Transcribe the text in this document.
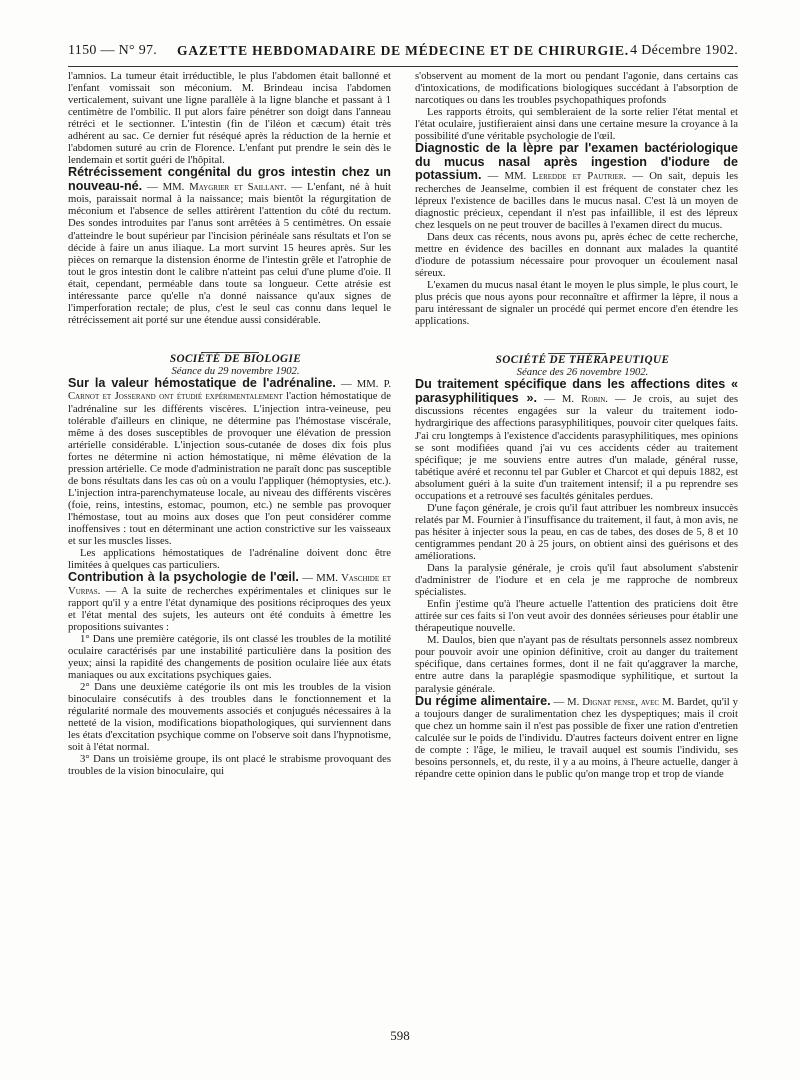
1150 — N° 97.	GAZETTE HEBDOMADAIRE DE MÉDECINE ET DE CHIRURGIE. 4 Décembre 1902.

l'amnios. La tumeur était irréductible, le plus l'abdomen était ballonné et l'enfant vomissait son méconium. M. Brindeau incisa l'abdomen verticalement, suivant une ligne parallèle à la ligne blanche et passant à 1 centimètre de l'ombilic. Il put alors faire pénétrer son doigt dans l'anneau rétréci et le sectionner. L'intestin (fin de l'iléon et cæcum) était très adhérent au sac. Ce dernier fut réséqué après la réduction de la hernie et l'abdomen suturé au crin de Florence. L'enfant put prendre le sein dès le lendemain et sortit guéri de l'hôpital.

Rétrécissement congénital du gros intestin chez un nouveau-né. — MM. Maygrier et Saillant. — L'enfant, né à huit mois, paraissait normal à la naissance; mais bientôt la régurgitation de méconium et l'absence de selles attirèrent l'attention du côté du rectum. Des sondes introduites par l'anus sont arrêtées à 5 centimètres. On essaie d'atteindre le bout supérieur par l'incision périnéale sans résultats et l'on se décide à faire un anus iliaque. La mort survint 15 heures après. Sur les pièces on remarque la distension énorme de l'intestin grêle et l'atrophie de tout le gros intestin dont le calibre n'atteint pas celui d'une plume d'oie. Il était, cependant, perméable dans toute sa longueur. Cette atrésie est intéressante parce qu'elle n'a donné naissance qu'aux signes de l'imperforation rectale; de plus, c'est le seul cas connu dans lequel le rétrécissement ait porté sur une étendue aussi considérable.

SOCIÉTÉ DE BIOLOGIE

Séance du 29 novembre 1902.

Sur la valeur hémostatique de l'adrénaline. — MM. P. Carnot et Josserand ont étudié expérimentalement l'action hémostatique de l'adrénaline sur les différents viscères. L'injection intra-veineuse, peu tolérable d'ailleurs en clinique, ne détermine pas l'hémostase viscérale, même à des doses susceptibles de provoquer une élévation de pression artérielle considérable. L'injection sous-cutanée de doses dix fois plus fortes ne détermine ni action hémostatique, ni même élévation de la pression artérielle. Ce mode d'administration ne paraît donc pas susceptible de bons résultats dans les cas où on a voulu l'appliquer (hémoptysies, etc.). L'injection intra-parenchymateuse locale, au niveau des différents viscères (foie, reins, intestins, estomac, poumon, etc.) ne semble pas provoquer l'hémostase, tout au moins aux doses que l'on peut considérer comme inoffensives : tout en déterminant une action constrictive sur les vaisseaux et sur les muscles lisses.

Les applications hémostatiques de l'adrénaline doivent donc être limitées à quelques cas particuliers.

Contribution à la psychologie de l'œil. — MM. Vaschide et Vurpas. — A la suite de recherches expérimentales et cliniques sur le rapport qu'il y a entre l'état dynamique des positions réciproques des yeux et l'état mental des sujets, les auteurs ont été conduits à émettre les propositions suivantes :

1° Dans une première catégorie, ils ont classé les troubles de la motilité oculaire caractérisés par une instabilité particulière dans la position des yeux; ainsi la rapidité des changements de position oculaire liée aux états maniaques ou aux excitations psychiques gaies.

2° Dans une deuxième catégorie ils ont mis les troubles de la vision binoculaire consécutifs à des troubles dans le fonctionnement et la régularité normale des mouvements associés et conjugués nécessaires à la netteté de la vision, modifications biopathologiques, qui surviennent dans les états d'excitation psychique comme on l'observe soit dans l'hypnotisme, soit à l'état normal.

3° Dans un troisième groupe, ils ont placé le strabisme provoquant des troubles de la vision binoculaire, qui

s'observent au moment de la mort ou pendant l'agonie, dans certains cas d'intoxications, de modifications biologiques succédant à l'absorption de narcotiques ou dans les troubles psychopathiques profonds

Les rapports étroits, qui sembleraient de la sorte relier l'état mental et l'état oculaire, justifieraient ainsi dans une certaine mesure la croyance à la possibilité d'une véritable psychologie de l'œil.

Diagnostic de la lèpre par l'examen bactériologique du mucus nasal après ingestion d'iodure de potassium. — MM. Leredde et Pautrier. — On sait, depuis les recherches de Jeanselme, combien il est fréquent de constater chez les lépreux l'existence de bacilles dans le mucus nasal. C'est là un moyen de diagnostic précieux, cependant il n'est pas infaillible, il est des lépreux chez lesquels on ne peut trouver de bacilles à l'examen direct du mucus.

Dans deux cas récents, nous avons pu, après échec de cette recherche, mettre en évidence des bacilles en donnant aux malades la quantité d'iodure de potassium nécessaire pour provoquer un écoulement nasal séreux.

L'examen du mucus nasal étant le moyen le plus simple, le plus court, le plus précis que nous ayons pour reconnaître et affirmer la lèpre, il nous a paru intéressant de signaler un procédé qui permet encore d'en étendre les applications.

SOCIÉTÉ DE THÉRAPEUTIQUE

Séance des 26 novembre 1902.

Du traitement spécifique dans les affections dites « parasyphilitiques ». — M. Robin. — Je crois, au sujet des discussions récentes engagées sur la valeur du traitement iodo-hydrargirique des affections parasyphilitiques, pouvoir citer quelques faits. J'ai cru longtemps à l'existence d'accidents parasyphilitiques, mes opinions se sont modifiées quand j'ai vu ces accidents céder au traitement spécifique; je me souviens entre autres d'un malade, général russe, tabétique avéré et reconnu tel par Gubler et Charcot et qui depuis 1882, est absolument guéri à la suite d'un traitement intensif; il a pu reprendre ses occupations et a retrouvé ses facultés génitales perdues.

D'une façon générale, je crois qu'il faut attribuer les nombreux insuccès relatés par M. Fournier à l'insuffisance du traitement, il faut, à mon avis, ne pas hésiter à injecter sous la peau, en cas de tabes, des doses de 5, 8 et 10 centigrammes pendant 20 à 25 jours, on obtient ainsi des guérisons et des améliorations.

Dans la paralysie générale, je crois qu'il faut absolument s'abstenir d'administrer de l'iodure et en cela je me rapproche de nombreux spécialistes.

Enfin j'estime qu'à l'heure actuelle l'attention des praticiens doit être attirée sur ces faits si l'on veut avoir des données sérieuses pour établir une thérapeutique nouvelle.

M. Daulos, bien que n'ayant pas de résultats personnels assez nombreux pour pouvoir avoir une opinion définitive, croit au danger du traitement spécifique, dans certaines formes, dont il ne fait qu'aggraver la marche, entre autre dans la paraplégie spasmodique syphilitique, et surtout la paralysie générale.

Du régime alimentaire. — M. Dignat pense, avec M. Bardet, qu'il y a toujours danger de suralimentation chez les dyspeptiques; mais il croit que chez un homme sain il n'est pas possible de fixer une ration d'entretien calculée sur le poids de l'individu. D'autres facteurs doivent entrer en ligne de compte : l'âge, le milieu, le travail auquel est soumis l'individu, ses besoins personnels, et, du reste, il y a au moins, à l'heure actuelle, danger à répandre cette opinion dans le public qu'on mange trop et trop de viande

598
